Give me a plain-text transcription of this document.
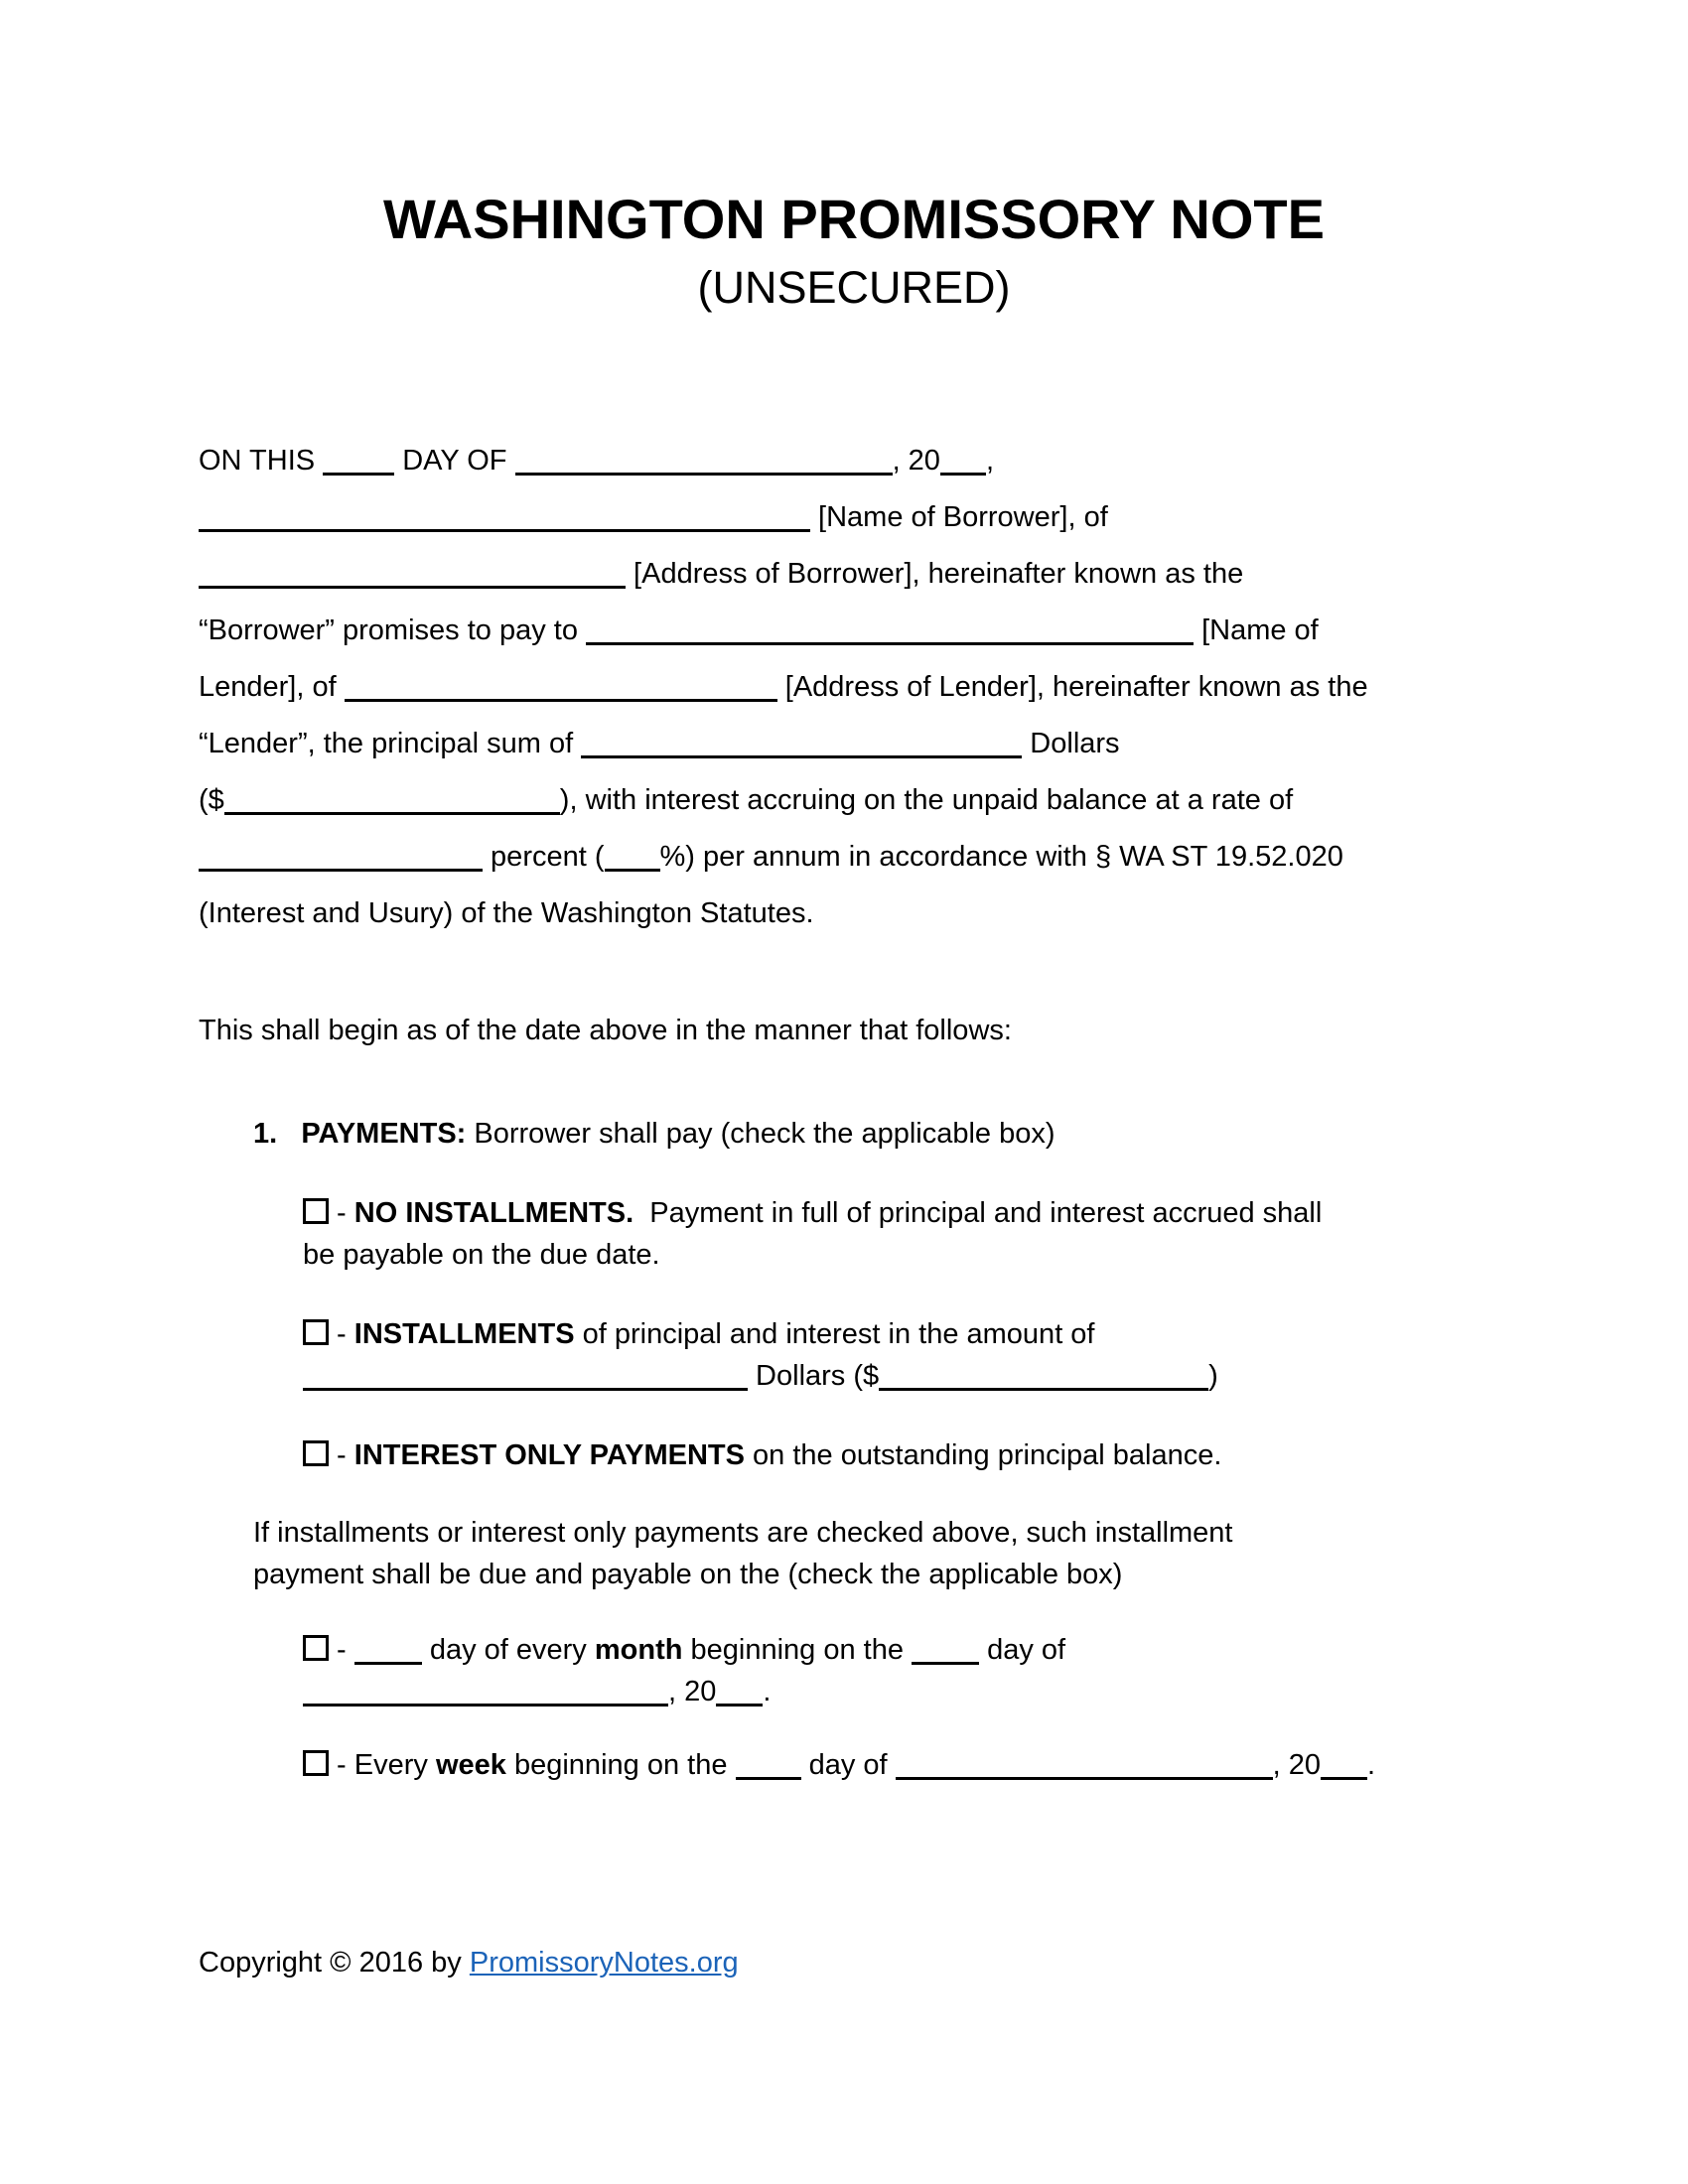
WASHINGTON PROMISSORY NOTE
(UNSECURED)
ON THIS  DAY OF	, 20 ,
[Name of Borrower], of
[Address of Borrower], hereinafter known as the
“Borrower” promises to pay to	[Name of
Lender], of	[Address of Lender], hereinafter known as the
“Lender”, the principal sum of	Dollars
($	), with interest accruing on the unpaid balance at a rate of
percent ( %) per annum in accordance with § WA ST 19.52.020
(Interest and Usury) of the Washington Statutes.
This shall begin as of the date above in the manner that follows:
1. PAYMENTS: Borrower shall pay (check the applicable box)
- NO INSTALLMENTS.  Payment in full of principal and interest accrued shall
be payable on the due date.
- INSTALLMENTS of principal and interest in the amount of
Dollars ($	)
- INTEREST ONLY PAYMENTS on the outstanding principal balance.
If installments or interest only payments are checked above, such installment
payment shall be due and payable on the (check the applicable box)
-  day of every month beginning on the  day of
, 20 .
- Every week beginning on the  day of	, 20 .
Copyright © 2016 by PromissoryNotes.org
